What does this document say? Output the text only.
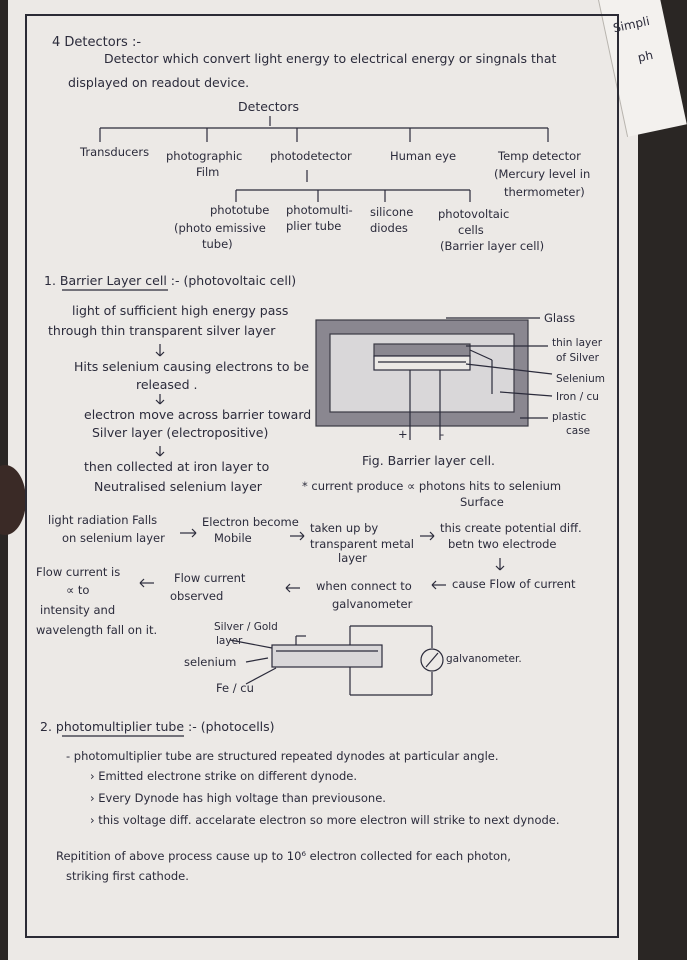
Simpli
ph
4 Detectors :-
Detector which convert light energy to electrical energy or singnals that
displayed on readout device.
Detectors
Transducers photographic
Film
photodetector	Human eye	Temp detector
(Mercury level in
thermometer)
phototube
(photo emissive
tube)
photomulti-
plier tube
silicone
diodes
photovoltaic
cells
(Barrier layer cell)
1. Barrier Layer cell :- (photovoltaic cell)
light of sufficient high energy pass
through thin transparent silver layer
Hits selenium causing electrons to be
released .
electron move across barrier toward
Silver layer (electropositive)
then collected at iron layer to
Neutralised selenium layer
Glass
thin layer
of Silver
Selenium
Iron / cu
plastic
case
+	-
Fig. Barrier layer cell.
* current produce ∝ photons hits to selenium
Surface
light radiation Falls
on selenium layer
Electron become
Mobile
taken up by
transparent metal
layer
this create potential diff.
betn two electrode
Flow current is
∝ to
intensity and
wavelength fall on it.
Flow current
observed
when connect to
galvanometer
cause Flow of current
Silver / Gold
layer
selenium
Fe / cu
galvanometer.
2. photomultiplier tube :- (photocells)
- photomultiplier tube are structured repeated dynodes at particular angle.
› Emitted electrone strike on different dynode.
› Every Dynode has high voltage than previousone.
› this voltage diff. accelarate electron so more electron will strike to next dynode.
Repitition of above process cause up to 10⁶ electron collected for each photon,
striking first cathode.
